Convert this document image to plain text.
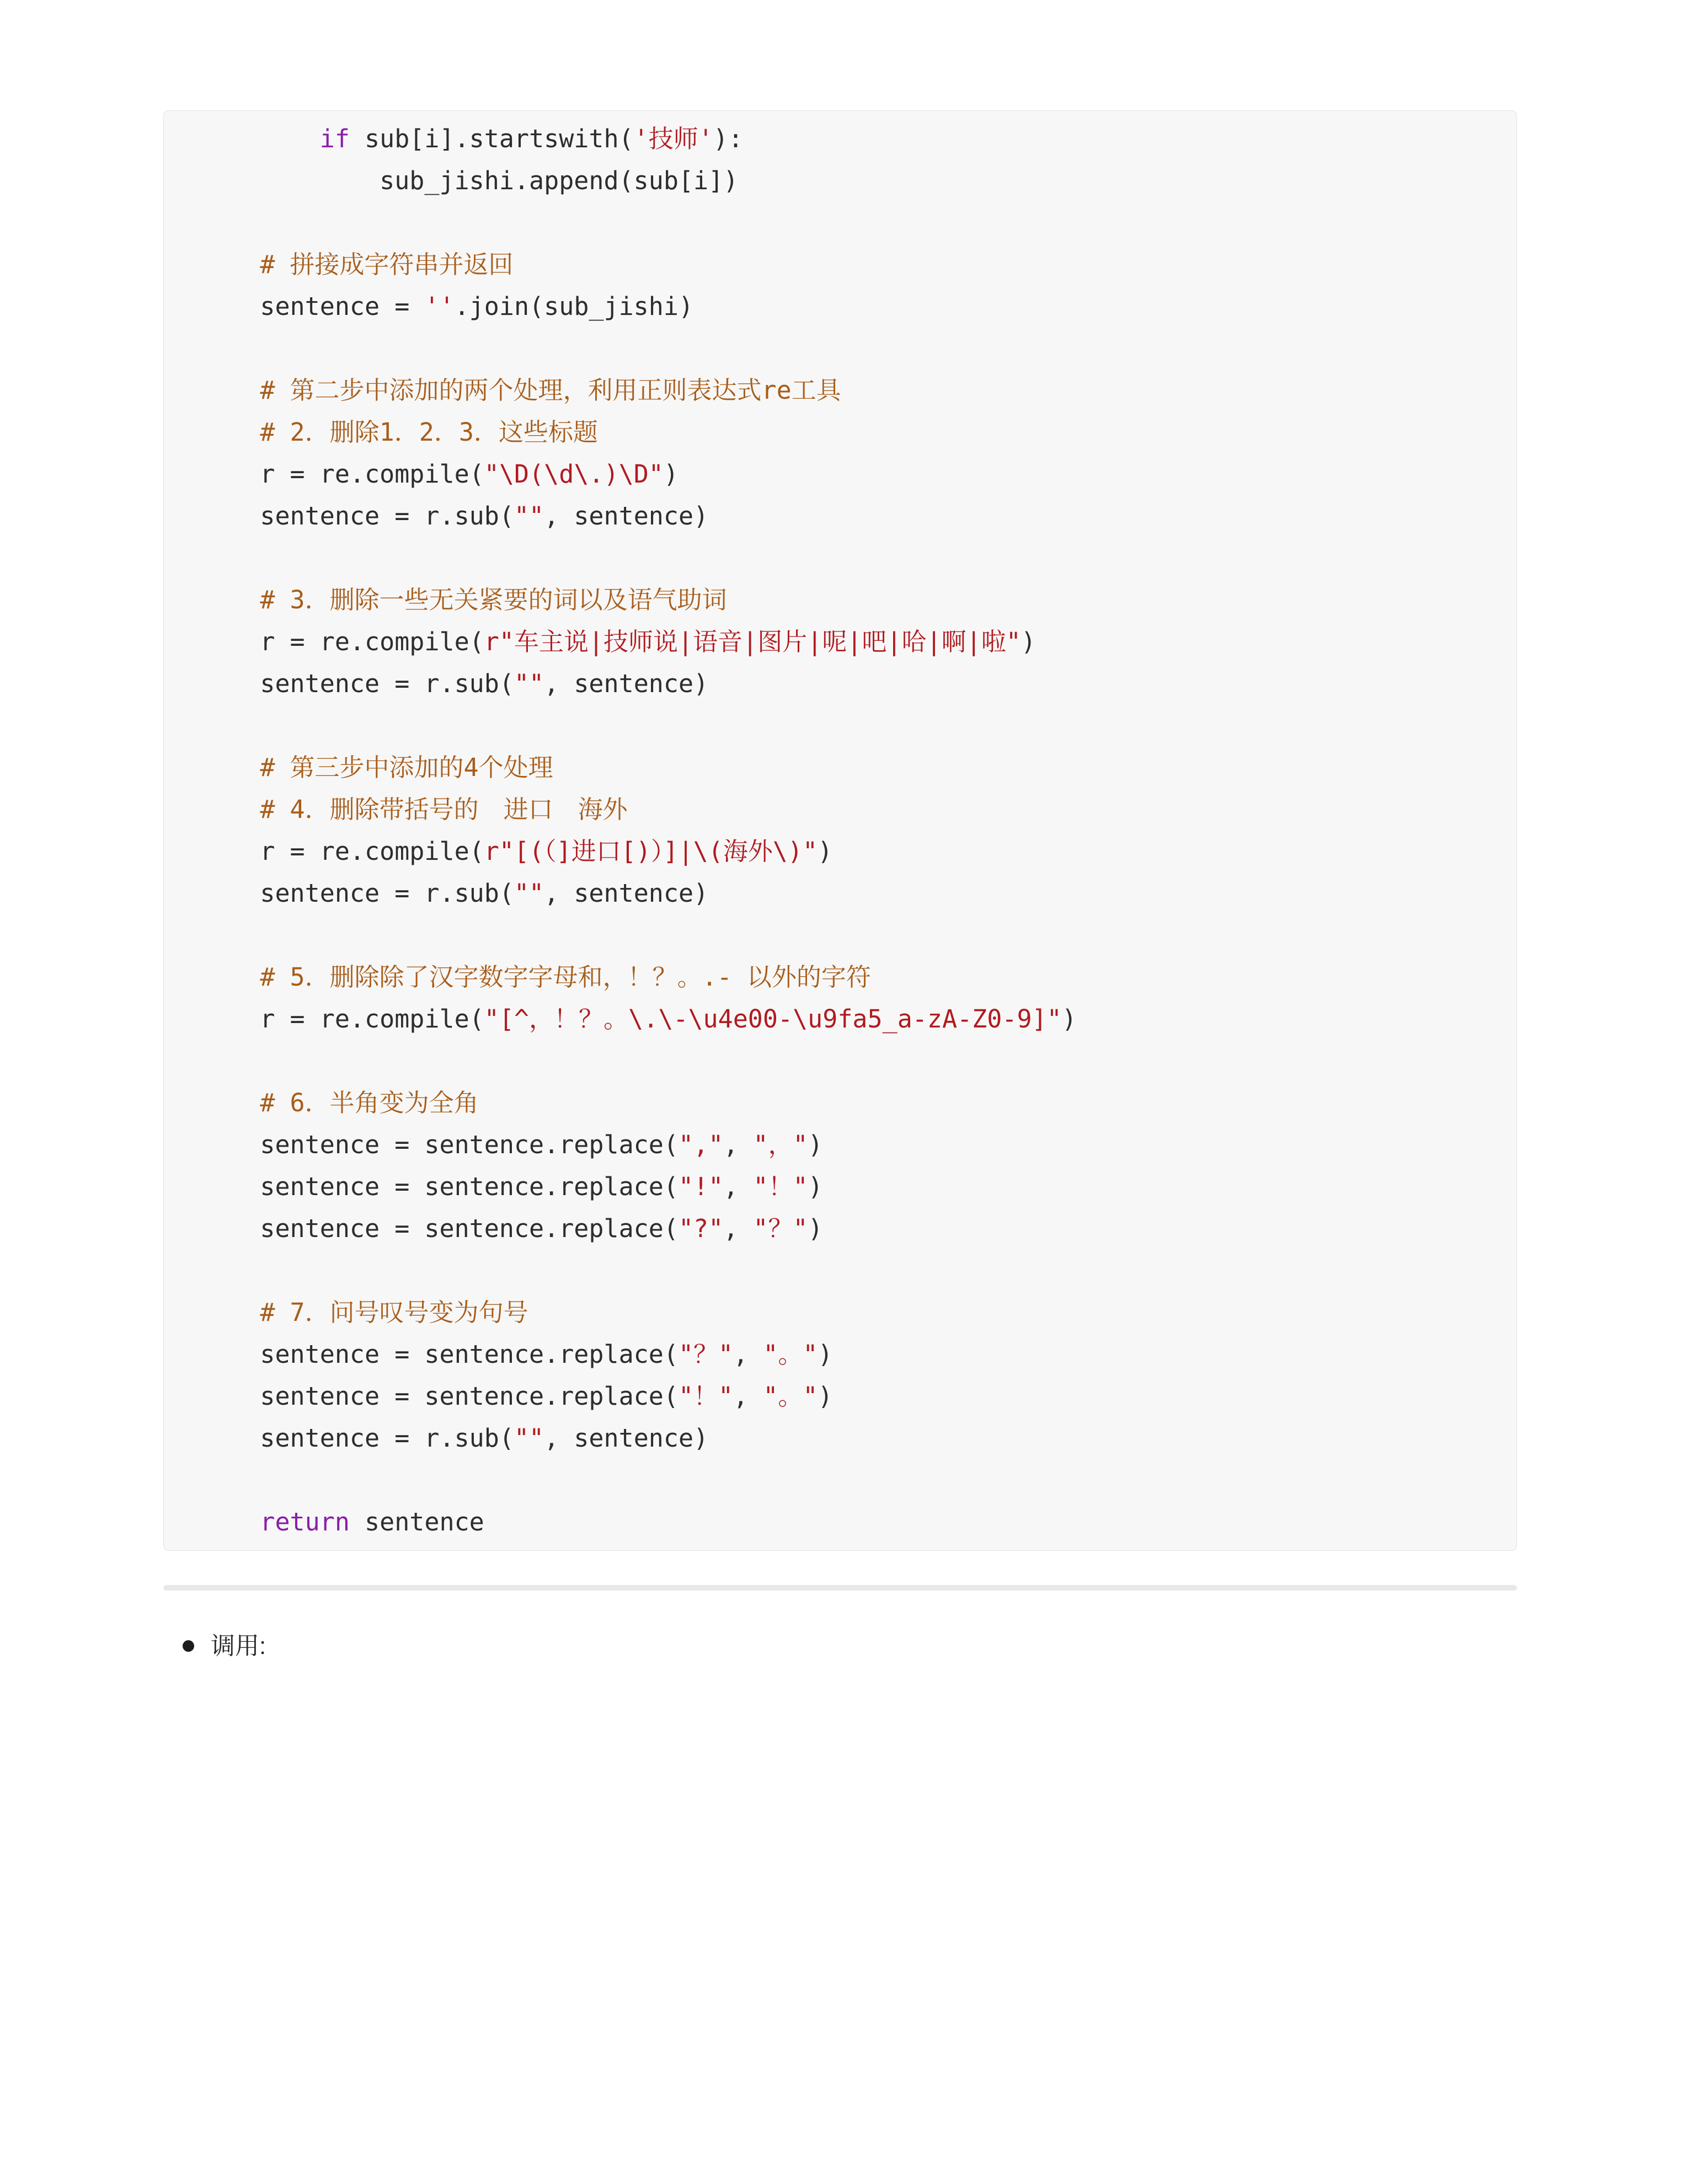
if sub[i].startswith('技师'):
sub_jishi.append(sub[i])
# 拼接成字符串并返回
sentence = ''.join(sub_jishi)
# 第二步中添加的两个处理，利用正则表达式re工具
# 2．删除1．2．3．这些标题
r = re.compile("\D(\d\.)\D")
sentence = r.sub("", sentence)
# 3．删除一些无关紧要的词以及语气助词
r = re.compile(r"车主说|技师说|语音|图片|呢|吧|哈|啊|啦")
sentence = r.sub("", sentence)
# 第三步中添加的4个处理
# 4．删除带括号的　进口　海外
r = re.compile(r"[(（]进口[)）]|\(海外\)")
sentence = r.sub("", sentence)
# 5．删除除了汉字数字字母和，！？。.- 以外的字符
r = re.compile("[^，！？。\.\-\u4e00-\u9fa5_a-zA-Z0-9]")
# 6．半角变为全角
sentence = sentence.replace(",", "，")
sentence = sentence.replace("!", "！")
sentence = sentence.replace("?", "？")
# 7．问号叹号变为句号
sentence = sentence.replace("？", "。")
sentence = sentence.replace("！", "。")
sentence = r.sub("", sentence)
return sentence
调用:
